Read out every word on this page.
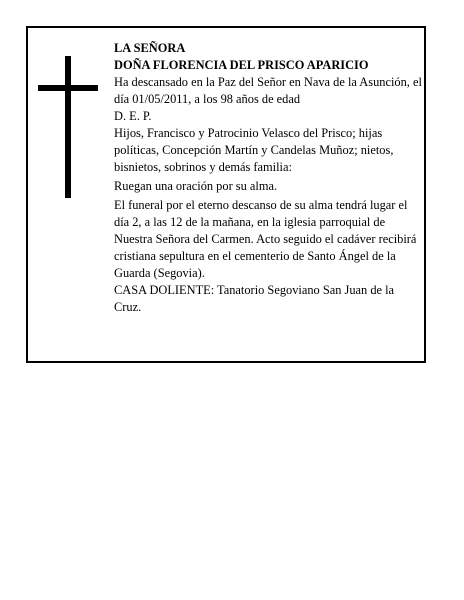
LA SEÑORA

DOÑA FLORENCIA DEL PRISCO APARICIO

Ha descansado en la Paz del Señor en Nava de la Asunción, el día 01/05/2011, a los 98 años de edad

D. E. P.

Hijos, Francisco y Patrocinio Velasco del Prisco; hijas políticas, Concepción Martín y Candelas Muñoz; nietos, bisnietos, sobrinos y demás familia:

Ruegan una oración por su alma.

El funeral por el eterno descanso de su alma tendrá lugar el día 2, a las 12 de la mañana, en la iglesia parroquial de Nuestra Señora del Carmen. Acto seguido el cadáver recibirá cristiana sepultura en el cementerio de Santo Ángel de la Guarda (Segovia).

CASA DOLIENTE: Tanatorio Segoviano San Juan de la Cruz.
